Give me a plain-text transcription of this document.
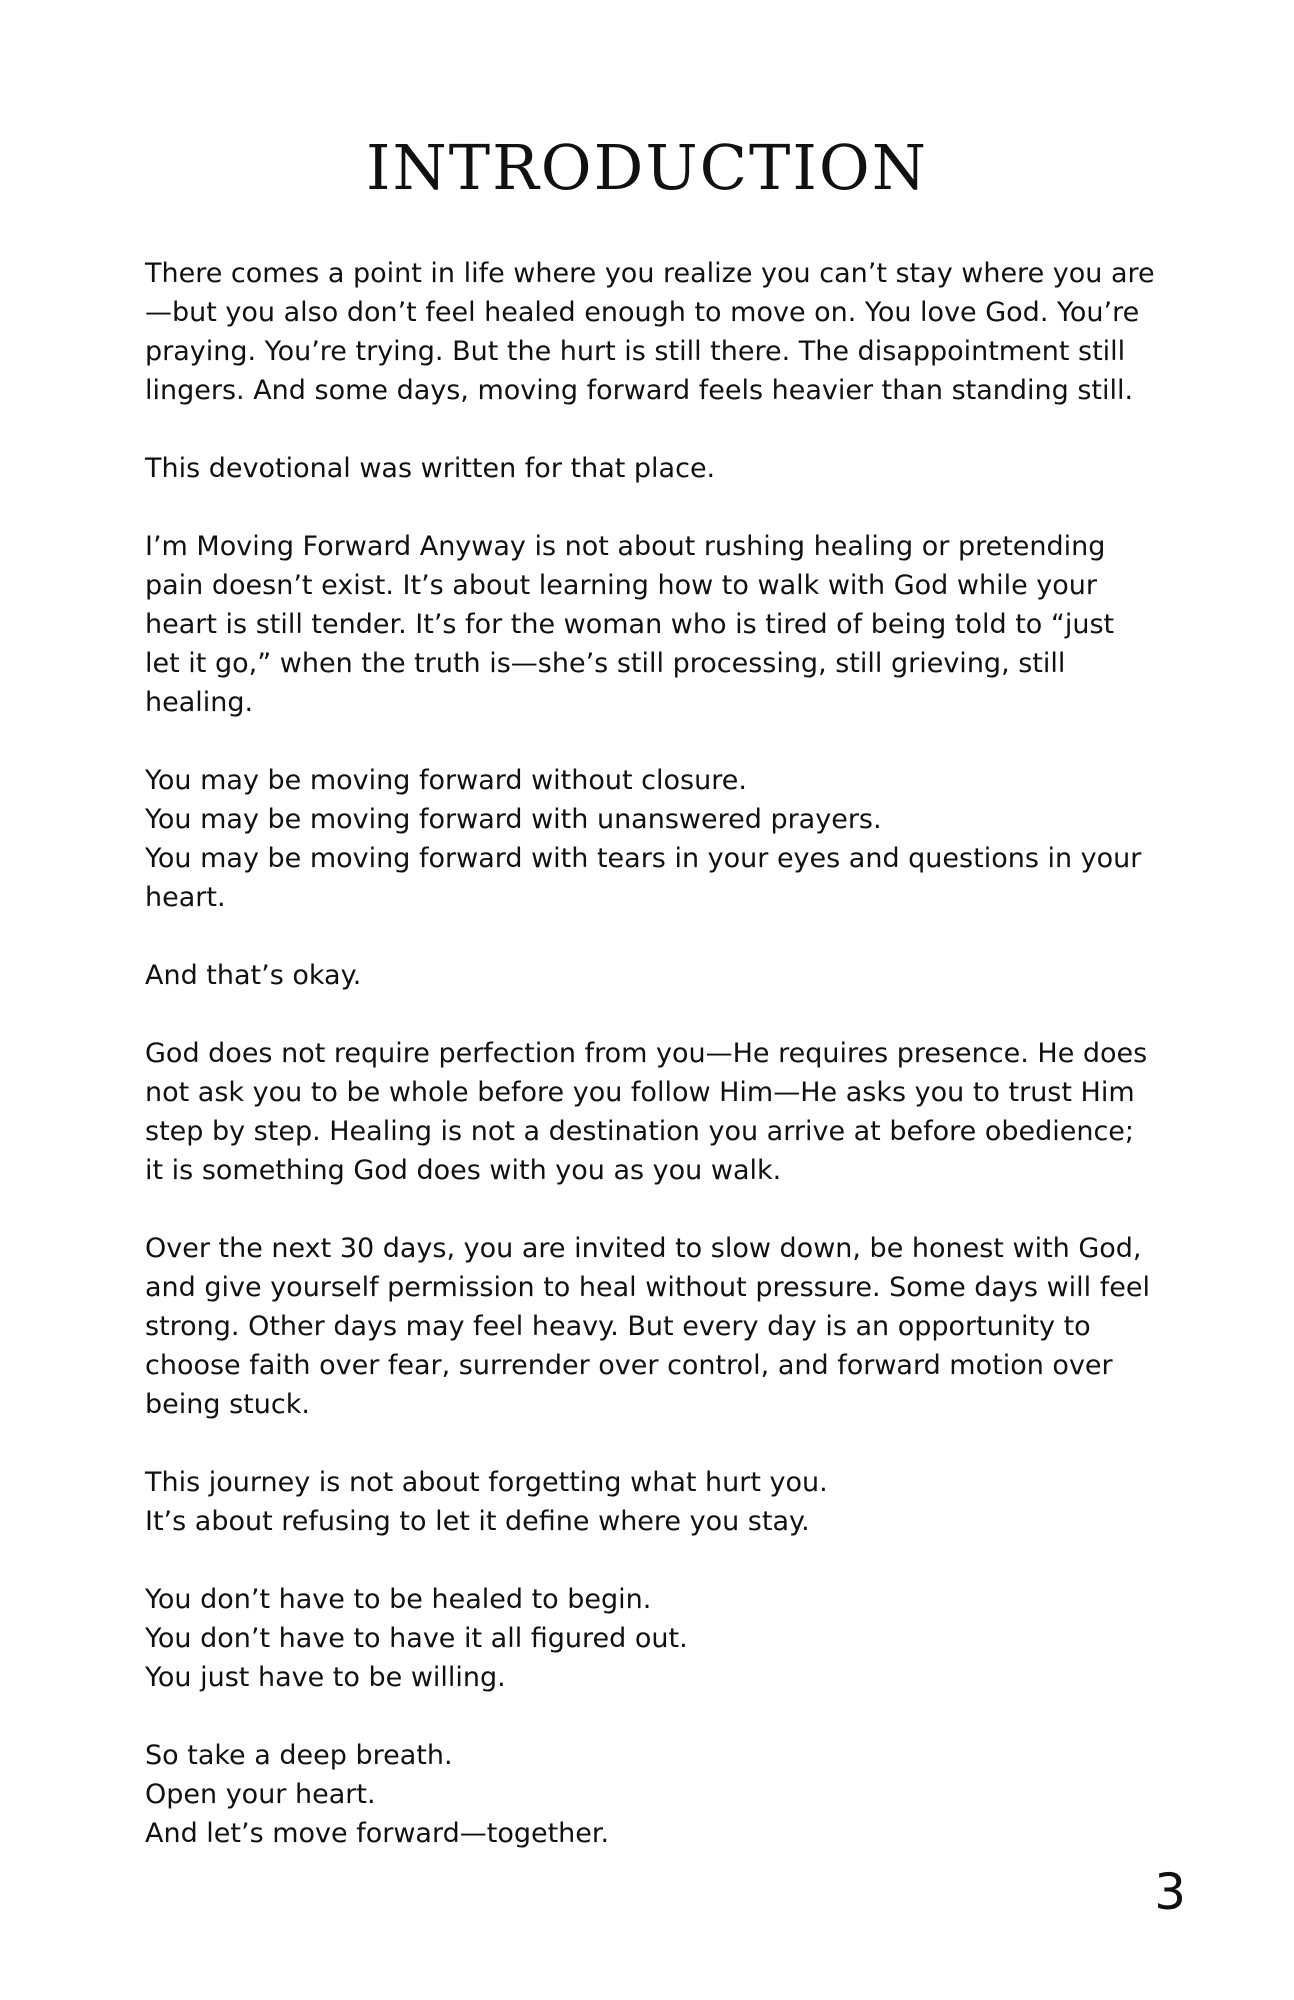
INTRODUCTION

There comes a point in life where you realize you can’t stay where you are—but you also don’t feel healed enough to move on. You love God. You’re praying. You’re trying. But the hurt is still there. The disappointment still lingers. And some days, moving forward feels heavier than standing still.

This devotional was written for that place.

I’m Moving Forward Anyway is not about rushing healing or pretending pain doesn’t exist. It’s about learning how to walk with God while your heart is still tender. It’s for the woman who is tired of being told to “just let it go,” when the truth is—she’s still processing, still grieving, still healing.

You may be moving forward without closure.
You may be moving forward with unanswered prayers.
You may be moving forward with tears in your eyes and questions in your heart.

And that’s okay.

God does not require perfection from you—He requires presence. He does not ask you to be whole before you follow Him—He asks you to trust Him step by step. Healing is not a destination you arrive at before obedience; it is something God does with you as you walk.

Over the next 30 days, you are invited to slow down, be honest with God, and give yourself permission to heal without pressure. Some days will feel strong. Other days may feel heavy. But every day is an opportunity to choose faith over fear, surrender over control, and forward motion over being stuck.

This journey is not about forgetting what hurt you.
It’s about refusing to let it define where you stay.

You don’t have to be healed to begin.
You don’t have to have it all figured out.
You just have to be willing.

So take a deep breath.
Open your heart.
And let’s move forward—together.

3
